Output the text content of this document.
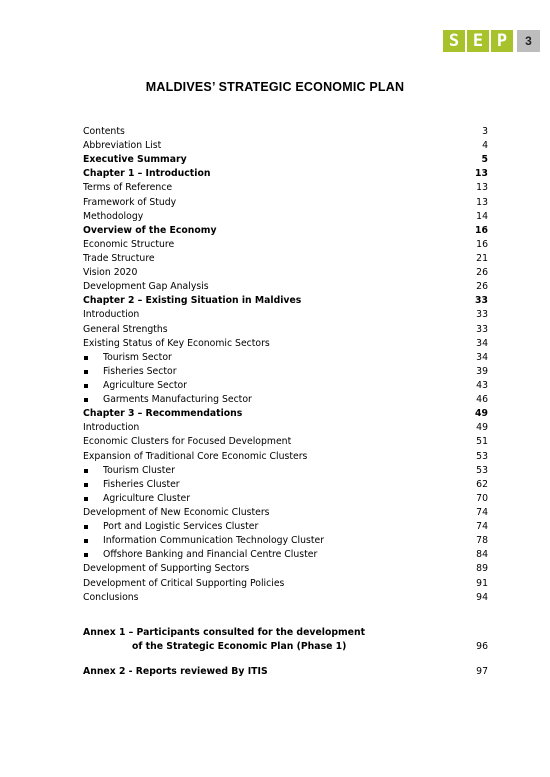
S E P	3
MALDIVES’ STRATEGIC ECONOMIC PLAN
Contents	3
Abbreviation List	4
Executive Summary	5
Chapter 1 – Introduction	13
Terms of Reference	13
Framework of Study	13
Methodology	14
Overview of the Economy	16
Economic Structure	16
Trade Structure	21
Vision 2020	26
Development Gap Analysis	26
Chapter 2 – Existing Situation in Maldives	33
Introduction	33
General Strengths	33
Existing Status of Key Economic Sectors	34
Tourism Sector	34
Fisheries Sector	39
Agriculture Sector	43
Garments Manufacturing Sector	46
Chapter 3 – Recommendations	49
Introduction	49
Economic Clusters for Focused Development	51
Expansion of Traditional Core Economic Clusters	53
Tourism Cluster	53
Fisheries Cluster	62
Agriculture Cluster	70
Development of New Economic Clusters	74
Port and Logistic Services Cluster	74
Information Communication Technology Cluster	78
Offshore Banking and Financial Centre Cluster	84
Development of Supporting Sectors	89
Development of Critical Supporting Policies	91
Conclusions	94
Annex 1 – Participants consulted for the development
of the Strategic Economic Plan (Phase 1)	96
Annex 2 - Reports reviewed By ITIS	97
